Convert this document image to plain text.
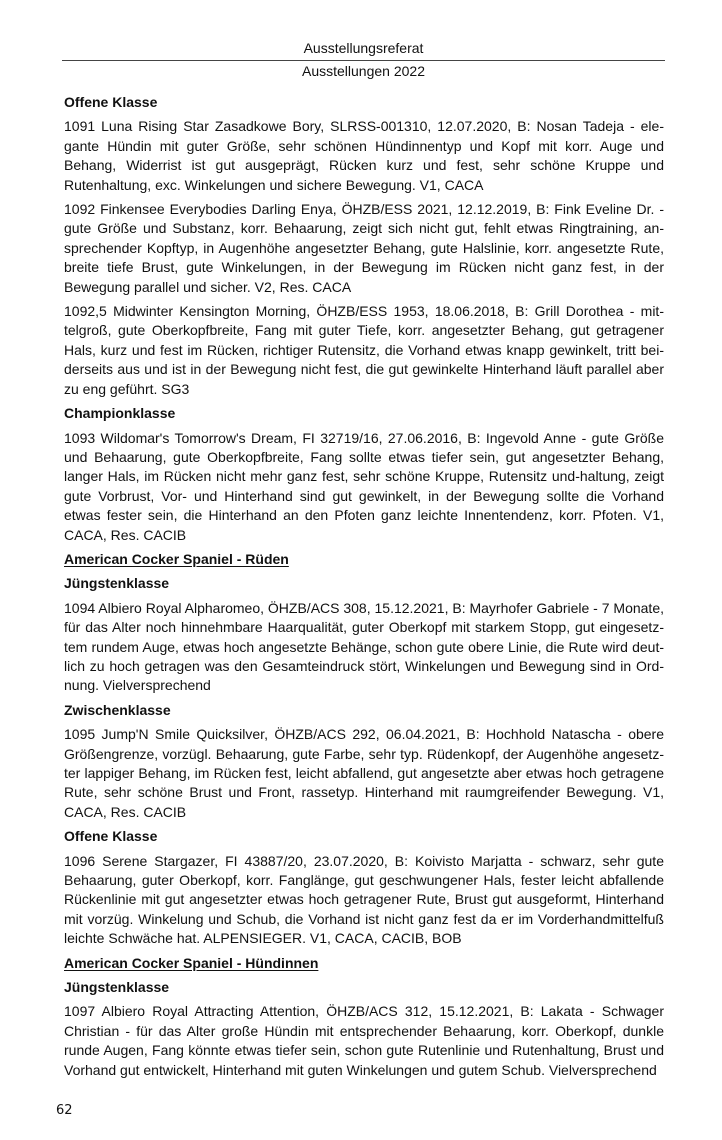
Ausstellungsreferat
Ausstellungen 2022
Offene Klasse
1091 Luna Rising Star Zasadkowe Bory, SLRSS-001310, 12.07.2020, B: Nosan Tadeja - elegante Hündin mit guter Größe, sehr schönen Hündinnentyp und Kopf mit korr. Auge und Behang, Widerrist ist gut ausgeprägt, Rücken kurz und fest, sehr schöne Kruppe und Rutenhaltung, exc. Winkelungen und sichere Bewegung. V1, CACA
1092 Finkensee Everybodies Darling Enya, ÖHZB/ESS 2021, 12.12.2019, B: Fink Eveline Dr. - gute Größe und Substanz, korr. Behaarung, zeigt sich nicht gut, fehlt etwas Ringtraining, ansprechender Kopftyp, in Augenhöhe angesetzter Behang, gute Halslinie, korr. angesetzte Rute, breite tiefe Brust, gute Winkelungen, in der Bewegung im Rücken nicht ganz fest, in der Bewegung parallel und sicher. V2, Res. CACA
1092,5 Midwinter Kensington Morning, ÖHZB/ESS 1953, 18.06.2018, B: Grill Dorothea - mittelgroß, gute Oberkopfbreite, Fang mit guter Tiefe, korr. angesetzter Behang, gut getragener Hals, kurz und fest im Rücken, richtiger Rutensitz, die Vorhand etwas knapp gewinkelt, tritt beiderseits aus und ist in der Bewegung nicht fest, die gut gewinkelte Hinterhand läuft parallel aber zu eng geführt. SG3
Championklasse
1093 Wildomar's Tomorrow's Dream, FI 32719/16, 27.06.2016, B: Ingevold Anne - gute Größe und Behaarung, gute Oberkopfbreite, Fang sollte etwas tiefer sein, gut angesetzter Behang, langer Hals, im Rücken nicht mehr ganz fest, sehr schöne Kruppe, Rutensitz und-haltung, zeigt gute Vorbrust, Vor- und Hinterhand sind gut gewinkelt, in der Bewegung sollte die Vorhand etwas fester sein, die Hinterhand an den Pfoten ganz leichte Innentendenz, korr. Pfoten. V1, CACA, Res. CACIB
American Cocker Spaniel - Rüden
Jüngstenklasse
1094 Albiero Royal Alpharomeo, ÖHZB/ACS 308, 15.12.2021, B: Mayrhofer Gabriele - 7 Monate, für das Alter noch hinnehmbare Haarqualität, guter Oberkopf mit starkem Stopp, gut eingesetztem rundem Auge, etwas hoch angesetzte Behänge, schon gute obere Linie, die Rute wird deutlich zu hoch getragen was den Gesamteindruck stört, Winkelungen und Bewegung sind in Ordnung. Vielversprechend
Zwischenklasse
1095 Jump'N Smile Quicksilver, ÖHZB/ACS 292, 06.04.2021, B: Hochhold Natascha - obere Größengrenze, vorzügl. Behaarung, gute Farbe, sehr typ. Rüdenkopf, der Augenhöhe angesetzter lappiger Behang, im Rücken fest, leicht abfallend, gut angesetzte aber etwas hoch getragene Rute, sehr schöne Brust und Front, rassetyp. Hinterhand mit raumgreifender Bewegung. V1, CACA, Res. CACIB
Offene Klasse
1096 Serene Stargazer, FI 43887/20, 23.07.2020, B: Koivisto Marjatta - schwarz, sehr gute Behaarung, guter Oberkopf, korr. Fanglänge, gut geschwungener Hals, fester leicht abfallende Rückenlinie mit gut angesetzter etwas hoch getragener Rute, Brust gut ausgeformt, Hinterhand mit vorzüg. Winkelung und Schub, die Vorhand ist nicht ganz fest da er im Vorderhandmittelfuß leichte Schwäche hat. ALPENSIEGER. V1, CACA, CACIB, BOB
American Cocker Spaniel - Hündinnen
Jüngstenklasse
1097 Albiero Royal Attracting Attention, ÖHZB/ACS 312, 15.12.2021, B: Lakata - Schwager Christian - für das Alter große Hündin mit entsprechender Behaarung, korr. Oberkopf, dunkle runde Augen, Fang könnte etwas tiefer sein, schon gute Rutenlinie und Rutenhaltung, Brust und Vorhand gut entwickelt, Hinterhand mit guten Winkelungen und gutem Schub. Vielversprechend
62
